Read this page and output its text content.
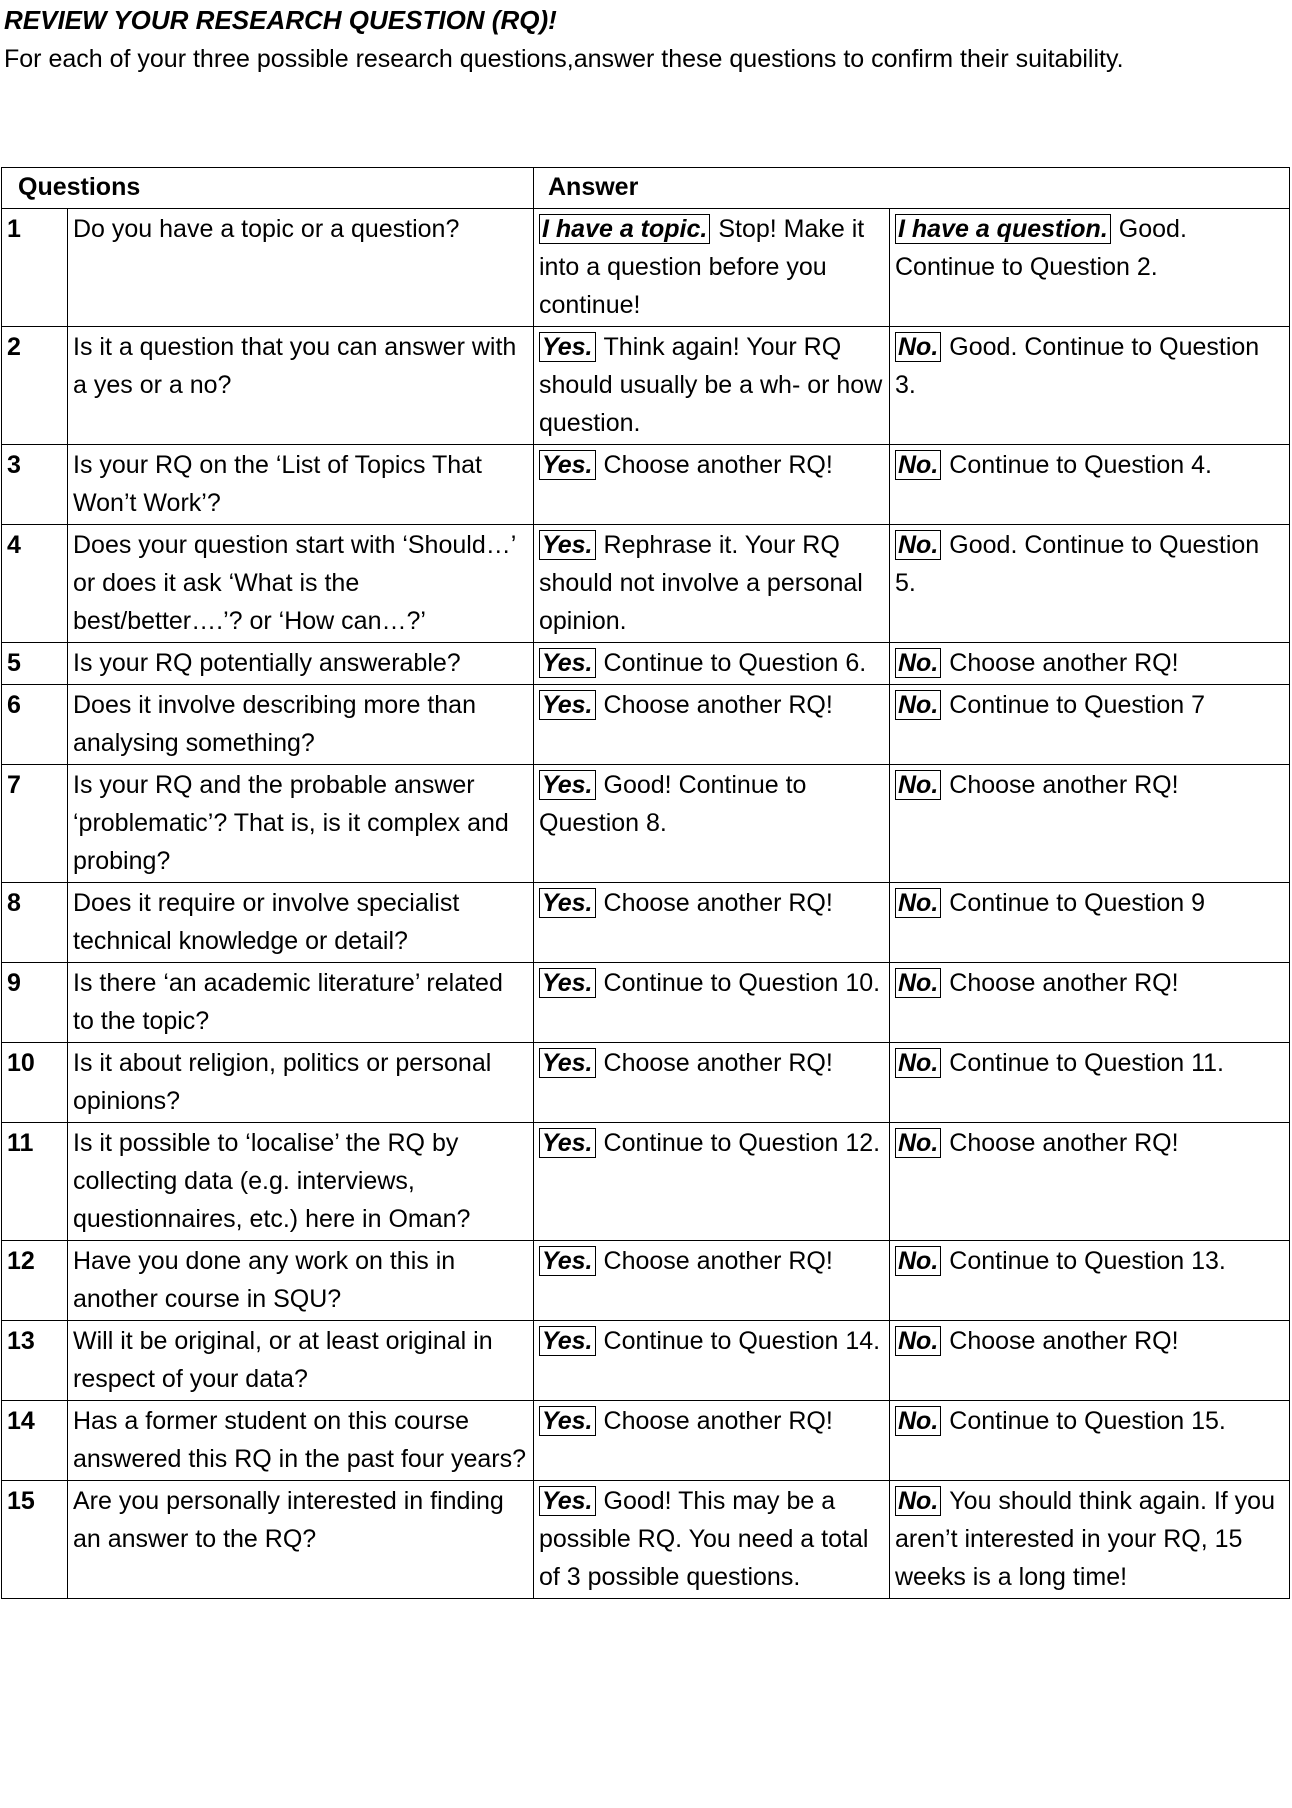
REVIEW YOUR RESEARCH QUESTION (RQ)!
For each of your three possible research questions,answer these questions to confirm their suitability.
Questions		Answer	
1	Do you have a topic or a question?	I have a topic. Stop! Make it into a question before you continue!	I have a question. Good. Continue to Question 2.
2	Is it a question that you can answer with a yes or a no?	Yes. Think again! Your RQ should usually be a wh- or how question.	No. Good. Continue to Question 3.
3	Is your RQ on the ‘List of Topics That Won’t Work’?	Yes. Choose another RQ!	No. Continue to Question 4.
4	Does your question start with ‘Should…’ or does it ask ‘What is the best/better….’? or ‘How can…?’	Yes. Rephrase it. Your RQ should not involve a personal opinion.	No. Good. Continue to Question 5.
5	Is your RQ potentially answerable?	Yes. Continue to Question 6.	No. Choose another RQ!
6	Does it involve describing more than analysing something?	Yes. Choose another RQ!	No. Continue to Question 7
7	Is your RQ and the probable answer ‘problematic’? That is, is it complex and probing?	Yes. Good! Continue to Question 8.	No. Choose another RQ!
8	Does it require or involve specialist technical knowledge or detail?	Yes. Choose another RQ!	No. Continue to Question 9
9	Is there ‘an academic literature’ related to the topic?	Yes. Continue to Question 10.	No. Choose another RQ!
10	Is it about religion, politics or personal opinions?	Yes. Choose another RQ!	No. Continue to Question 11.
11	Is it possible to ‘localise’ the RQ by collecting data (e.g. interviews, questionnaires, etc.) here in Oman?	Yes. Continue to Question 12.	No. Choose another RQ!
12	Have you done any work on this in another course in SQU?	Yes. Choose another RQ!	No. Continue to Question 13.
13	Will it be original, or at least original in respect of your data?	Yes. Continue to Question 14.	No. Choose another RQ!
14	Has a former student on this course answered this RQ in the past four years?	Yes. Choose another RQ!	No. Continue to Question 15.
15	Are you personally interested in finding an answer to the RQ?	Yes. Good! This may be a possible RQ. You need a total of 3 possible questions.	No. You should think again. If you aren’t interested in your RQ, 15 weeks is a long time!
